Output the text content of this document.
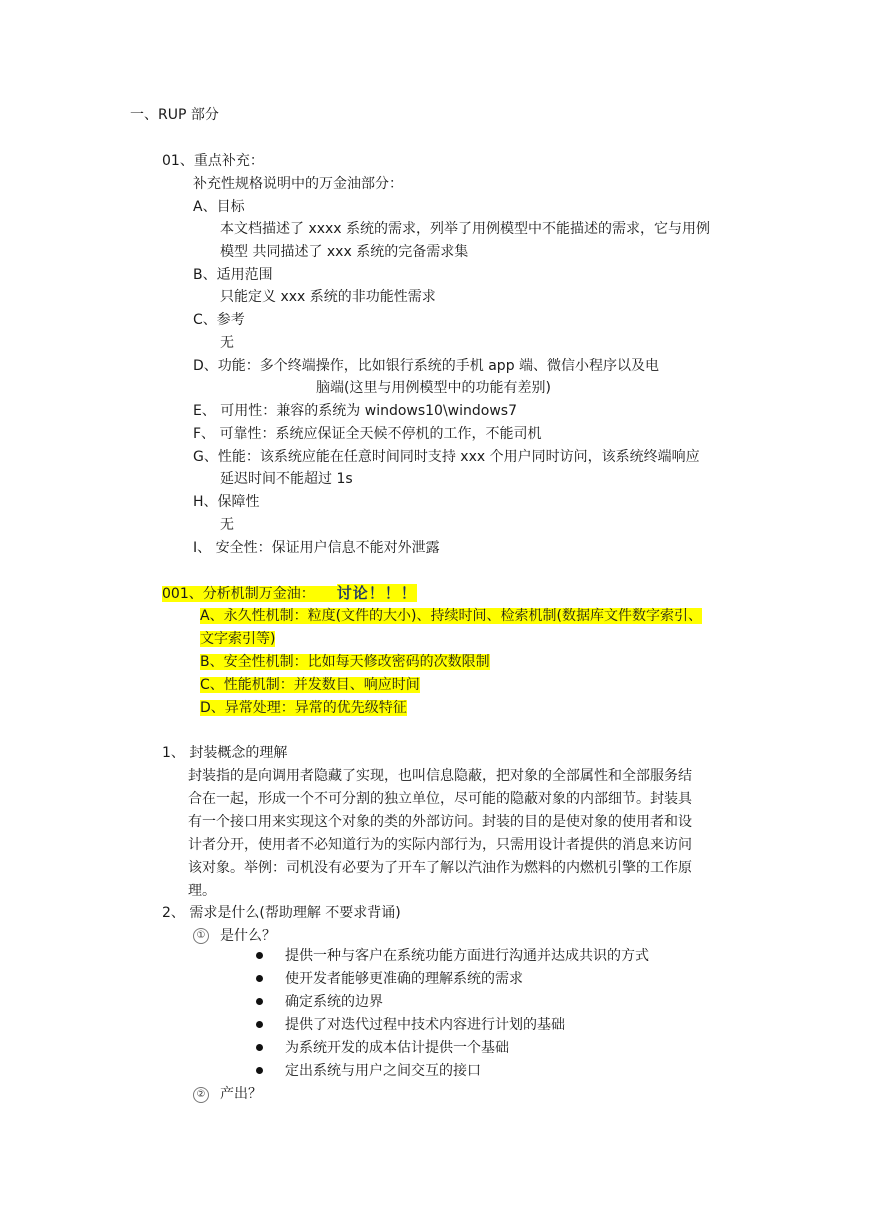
一、RUP 部分
01、重点补充：
补充性规格说明中的万金油部分：
A、目标
本文档描述了 xxxx 系统的需求，列举了用例模型中不能描述的需求，它与用例
模型 共同描述了 xxx 系统的完备需求集
B、适用范围
只能定义 xxx 系统的非功能性需求
C、参考
无
D、功能：多个终端操作，比如银行系统的手机 app 端、微信小程序以及电
脑端(这里与用例模型中的功能有差别)
E、 可用性：兼容的系统为 windows10\windows7
F、 可靠性：系统应保证全天候不停机的工作，不能司机
G、性能：该系统应能在任意时间同时支持 xxx 个用户同时访问，该系统终端响应
延迟时间不能超过 1s
H、保障性
无
I、 安全性：保证用户信息不能对外泄露
001、分析机制万金油： 讨论！！！
A、永久性机制：粒度(文件的大小)、持续时间、检索机制(数据库文件数字索引、
文字索引等)
B、安全性机制：比如每天修改密码的次数限制
C、性能机制：并发数目、响应时间
D、异常处理：异常的优先级特征
1、 封装概念的理解
封装指的是向调用者隐藏了实现，也叫信息隐蔽，把对象的全部属性和全部服务结
合在一起，形成一个不可分割的独立单位，尽可能的隐蔽对象的内部细节。封装具
有一个接口用来实现这个对象的类的外部访问。封装的目的是使对象的使用者和设
计者分开，使用者不必知道行为的实际内部行为，只需用设计者提供的消息来访问
该对象。举例：司机没有必要为了开车了解以汽油作为燃料的内燃机引擎的工作原
理。
2、 需求是什么(帮助理解 不要求背诵)
① 是什么？
提供一种与客户在系统功能方面进行沟通并达成共识的方式
使开发者能够更准确的理解系统的需求
确定系统的边界
提供了对迭代过程中技术内容进行计划的基础
为系统开发的成本估计提供一个基础
定出系统与用户之间交互的接口
② 产出？
